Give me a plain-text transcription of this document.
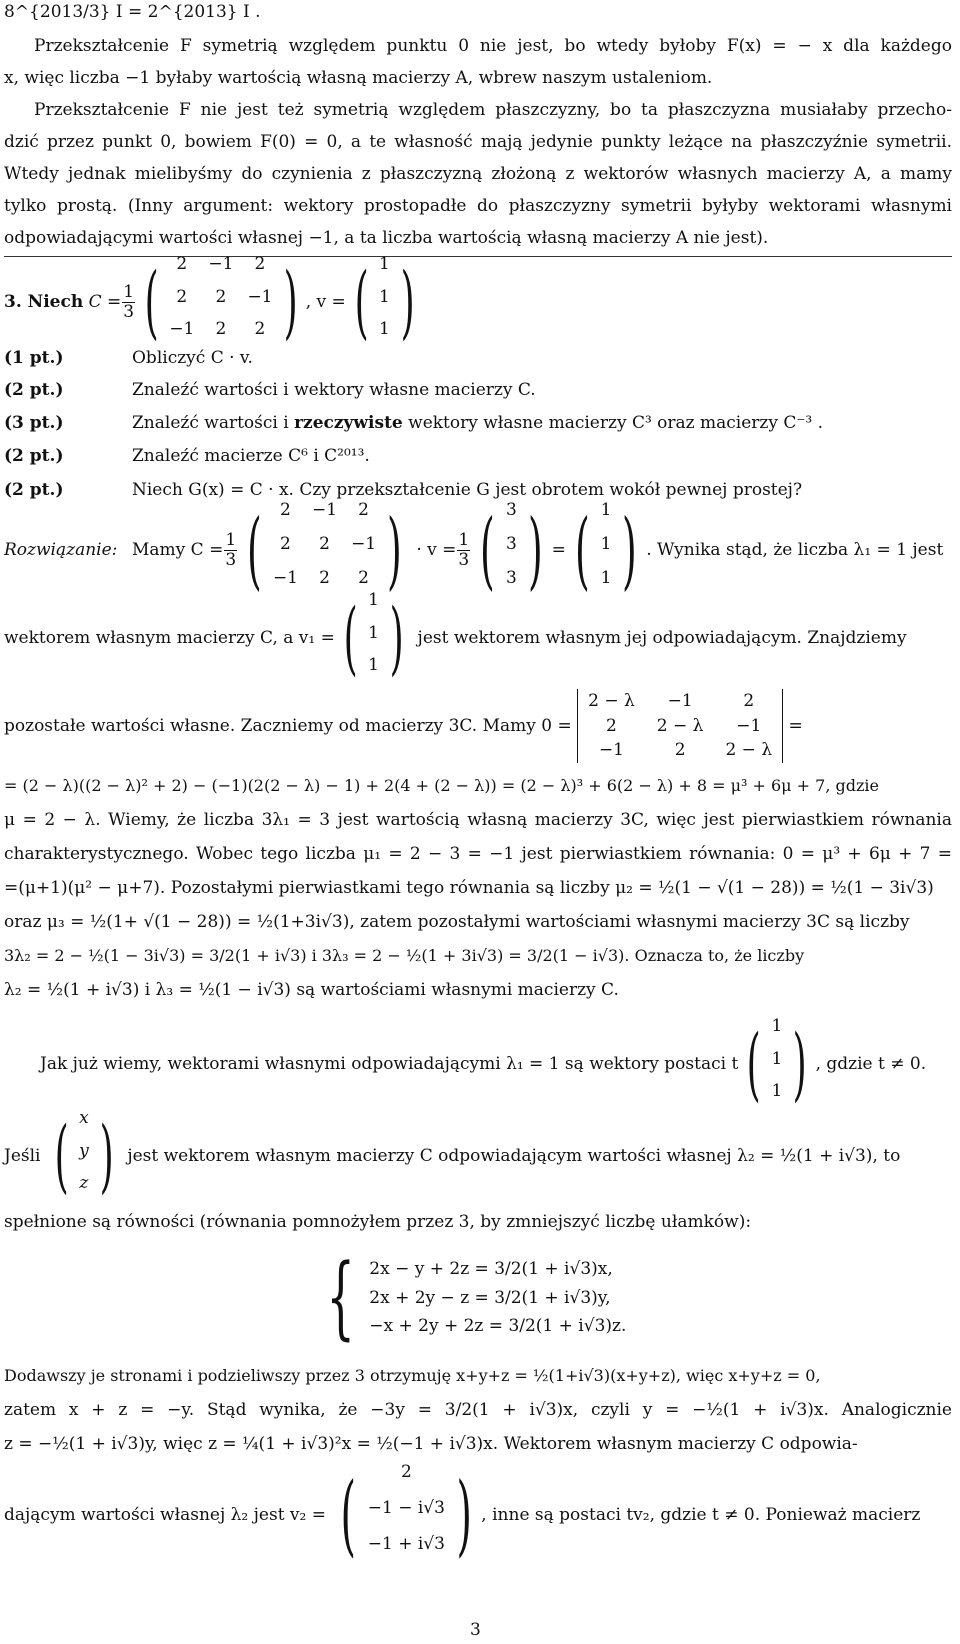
8^{2013/3} I = 2^{2013} I .
Przekształcenie F symetrią względem punktu 0 nie jest, bo wtedy byłoby F(x) = − x dla każdego
x, więc liczba −1 byłaby wartością własną macierzy A, wbrew naszym ustaleniom.
Przekształcenie F nie jest też symetrią względem płaszczyzny, bo ta płaszczyzna musiałaby przecho-
dzić przez punkt 0, bowiem F(0) = 0, a te własność mają jedynie punkty leżące na płaszczyźnie symetrii.
Wtedy jednak mielibyśmy do czynienia z płaszczyzną złożoną z wektorów własnych macierzy A, a mamy
tylko prostą. (Inny argument: wektory prostopadłe do płaszczyzny symetrii byłyby wektorami własnymi
odpowiadającymi wartości własnej −1, a ta liczba wartością własną macierzy A nie jest).
3. Niech
$C = \frac{1}{3}$ (	2	−1	2
2	2	−1
−1	2	2 ) , v = ( 1
1
1 )
(1 pt.)	Obliczyć C · v.
(2 pt.)	Znaleźć wartości i wektory własne macierzy C.
(3 pt.)	Znaleźć wartości i rzeczywiste wektory własne macierzy C³ oraz macierzy C⁻³ .
(2 pt.)	Znaleźć macierze C⁶ i C²⁰¹³.
(2 pt.)	Niech G(x) = C · x. Czy przekształcenie G jest obrotem wokół pewnej prostej?
Rozwiązanie: Mamy $C = \frac{1}{3}$ (	2	−1	2
2	2	−1
−1	2	2 )
· $v = \frac{1}{3}$ ( 3
3
3 ) = ( 1
1
1 ) . Wynika stąd, że liczba λ₁ = 1 jest
wektorem własnym macierzy C, a v₁ = ( 1
1
1 )
jest wektorem własnym jej odpowiadającym. Znajdziemy
pozostałe wartości własne. Zaczniemy od macierzy 3C. Mamy 0 =

2 − λ	−1	2
2	2 − λ	−1
−1	2	2 − λ

=
= (2 − λ)((2 − λ)² + 2) − (−1)(2(2 − λ) − 1) + 2(4 + (2 − λ)) = (2 − λ)³ + 6(2 − λ) + 8 = μ³ + 6μ + 7, gdzie
μ = 2 − λ. Wiemy, że liczba 3λ₁ = 3 jest wartością własną macierzy 3C, więc jest pierwiastkiem równania
charakterystycznego. Wobec tego liczba μ₁ = 2 − 3 = −1 jest pierwiastkiem równania: 0 = μ³ + 6μ + 7 =
=(μ+1)(μ² − μ+7). Pozostałymi pierwiastkami tego równania są liczby μ₂ = ½(1 − √(1 − 28)) = ½(1 − 3i√3)
oraz μ₃ = ½(1+ √(1 − 28)) = ½(1+3i√3), zatem pozostałymi wartościami własnymi macierzy 3C są liczby
3λ₂ = 2 − ½(1 − 3i√3) = 3/2(1 + i√3) i 3λ₃ = 2 − ½(1 + 3i√3) = 3/2(1 − i√3). Oznacza to, że liczby
λ₂ = ½(1 + i√3) i λ₃ = ½(1 − i√3) są wartościami własnymi macierzy C.
Jak już wiemy, wektorami własnymi odpowiadającymi λ₁ = 1 są wektory postaci t ( 1
1
1 ) , gdzie t ≠ 0.
Jeśli
( x
y
z )
jest wektorem własnym macierzy C odpowiadającym wartości własnej λ₂ = ½(1 + i√3), to
spełnione są równości (równania pomnożyłem przez 3, by zmniejszyć liczbę ułamków):
{ 2x − y + 2z = 3/2(1 + i√3)x,
2x + 2y − z = 3/2(1 + i√3)y,
−x + 2y + 2z = 3/2(1 + i√3)z.
Dodawszy je stronami i podzieliwszy przez 3 otrzymuję x+y+z = ½(1+i√3)(x+y+z), więc x+y+z = 0,
zatem x + z = −y. Stąd wynika, że −3y = 3/2(1 + i√3)x, czyli y = −½(1 + i√3)x. Analogicznie
z = −½(1 + i√3)y, więc z = ¼(1 + i√3)²x = ½(−1 + i√3)x. Wektorem własnym macierzy C odpowia-
dającym wartości własnej λ₂ jest v₂ =
(	2
−1 − i√3
−1 + i√3 ) , inne są postaci tv₂, gdzie t ≠ 0. Ponieważ macierz
3
